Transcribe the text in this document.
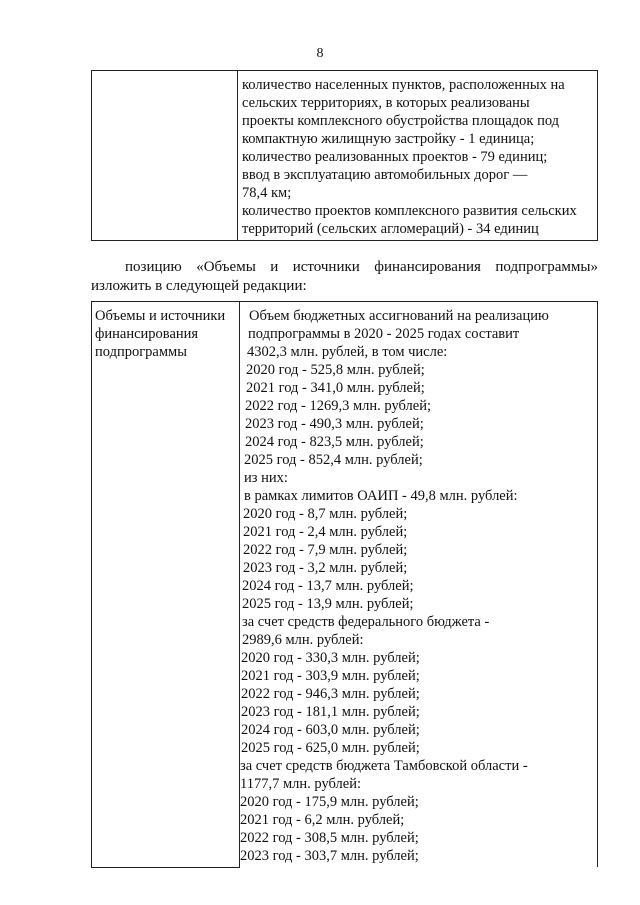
8

количество населенных пунктов, расположенных на
сельских территориях, в которых реализованы
проекты комплексного обустройства площадок под
компактную жилищную застройку - 1 единица;
количество реализованных проектов - 79 единиц;
ввод в эксплуатацию автомобильных дорог —
78,4 км;
количество проектов комплексного развития сельских
территорий (сельских агломераций) - 34 единиц
позицию «Объемы и источники финансирования подпрограммы»
изложить в следующей редакции:
Объемы и источники
финансирования
подпрограммы

Объем бюджетных ассигнований на реализацию
подпрограммы в 2020 - 2025 годах составит
4302,3 млн. рублей, в том числе:
2020 год - 525,8 млн. рублей;
2021 год - 341,0 млн. рублей;
2022 год - 1269,3 млн. рублей;
2023 год - 490,3 млн. рублей;
2024 год - 823,5 млн. рублей;
2025 год - 852,4 млн. рублей;
из них:
в рамках лимитов ОАИП - 49,8 млн. рублей:
2020 год - 8,7 млн. рублей;
2021 год - 2,4 млн. рублей;
2022 год - 7,9 млн. рублей;
2023 год - 3,2 млн. рублей;
2024 год - 13,7 млн. рублей;
2025 год - 13,9 млн. рублей;
за счет средств федерального бюджета -
2989,6 млн. рублей:
2020 год - 330,3 млн. рублей;
2021 год - 303,9 млн. рублей;
2022 год - 946,3 млн. рублей;
2023 год - 181,1 млн. рублей;
2024 год - 603,0 млн. рублей;
2025 год - 625,0 млн. рублей;
за счет средств бюджета Тамбовской области -
1177,7 млн. рублей:
2020 год - 175,9 млн. рублей;
2021 год - 6,2 млн. рублей;
2022 год - 308,5 млн. рублей;
2023 год - 303,7 млн. рублей;
